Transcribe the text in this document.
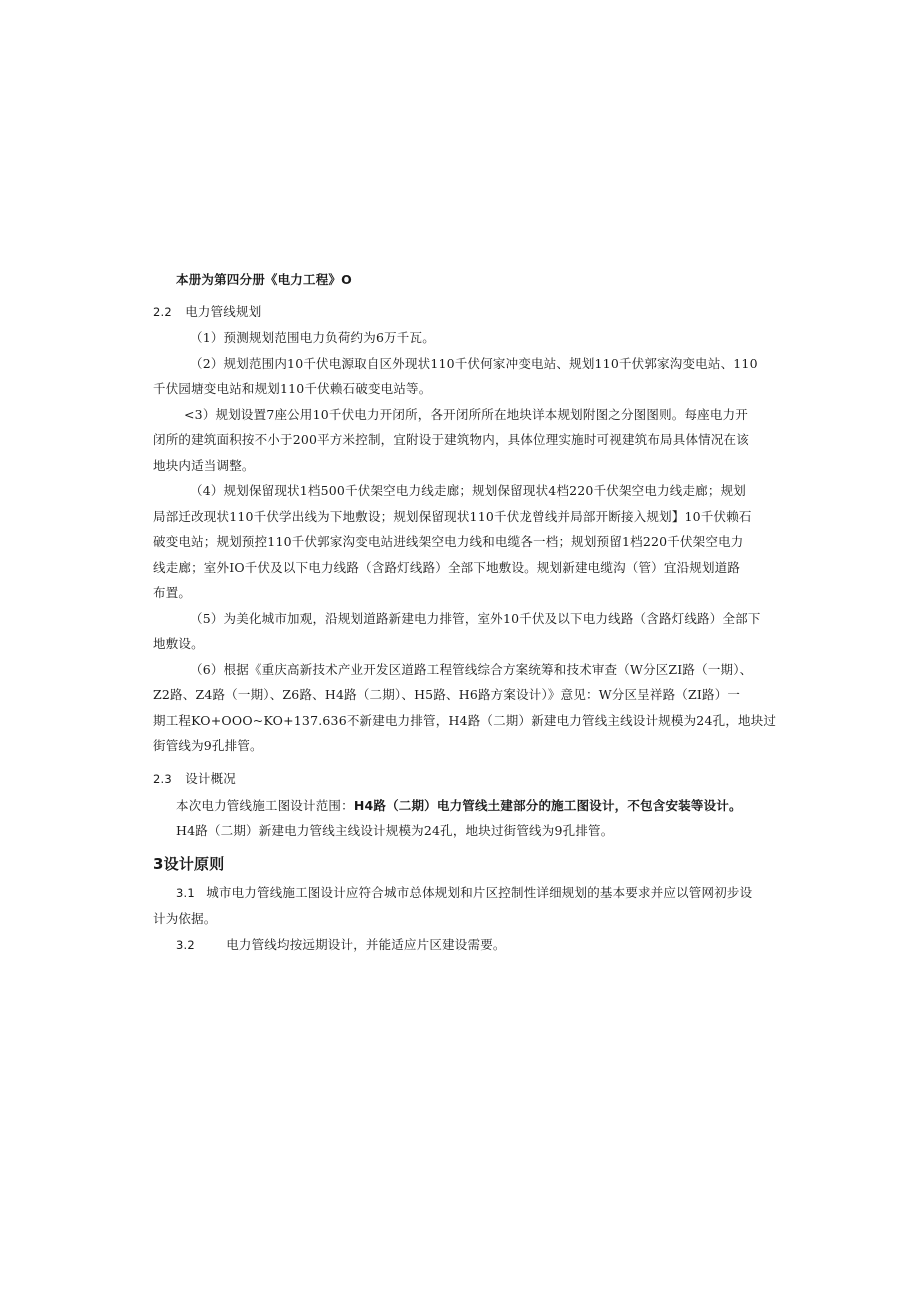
本册为第四分册《电力工程》O
2.2 电力管线规划
（1）预测规划范围电力负荷约为6万千瓦。
（2）规划范围内10千伏电源取自区外现状110千伏何家冲变电站、规划110千伏郭家沟变电站、110
千伏园塘变电站和规划110千伏赖石破变电站等。
<3）规划设置7座公用10千伏电力开闭所，各开闭所所在地块详本规划附图之分图图则。每座电力开
闭所的建筑面积按不小于200平方米控制，宜附设于建筑物内，具体位理实施时可视建筑布局具体情况在该
地块内适当调整。
（4）规划保留现状1档500千伏架空电力线走廊；规划保留现状4档220千伏架空电力线走廊；规划
局部迁改现状110千伏学出线为下地敷设；规划保留现状110千伏龙曾线并局部开断接入规划】10千伏赖石
破变电站；规划预控110千伏郭家沟变电站进线架空电力线和电缆各一档；规划预留1档220千伏架空电力
线走廊；室外IO千伏及以下电力线路（含路灯线路）全部下地敷设。规划新建电缆沟（管）宜沿规划道路
布置。
（5）为美化城市加观，沿规划道路新建电力排管，室外10千伏及以下电力线路（含路灯线路）全部下
地敷设。
（6）根据《重庆高新技术产业开发区道路工程管线综合方案统筹和技术审查（W分区ZI路（一期）、
Z2路、Z4路（一期）、Z6路、H4路（二期）、H5路、H6路方案设计）》意见：W分区呈祥路（ZI路）一
期工程KO+OOO~KO+137.636不新建电力排管，H4路（二期）新建电力管线主线设计规模为24孔，地块过
街管线为9孔排管。
2.3 设计概况
本次电力管线施工图设计范围：H4路（二期）电力管线土建部分的施工图设计，不包含安装等设计。
H4路（二期）新建电力管线主线设计规模为24孔，地块过街管线为9孔排管。
3设计原则
3.1 城市电力管线施工图设计应符合城市总体规划和片区控制性详细规划的基本要求并应以管网初步设
计为依据。
3.2	电力管线均按远期设计，并能适应片区建设需要。
